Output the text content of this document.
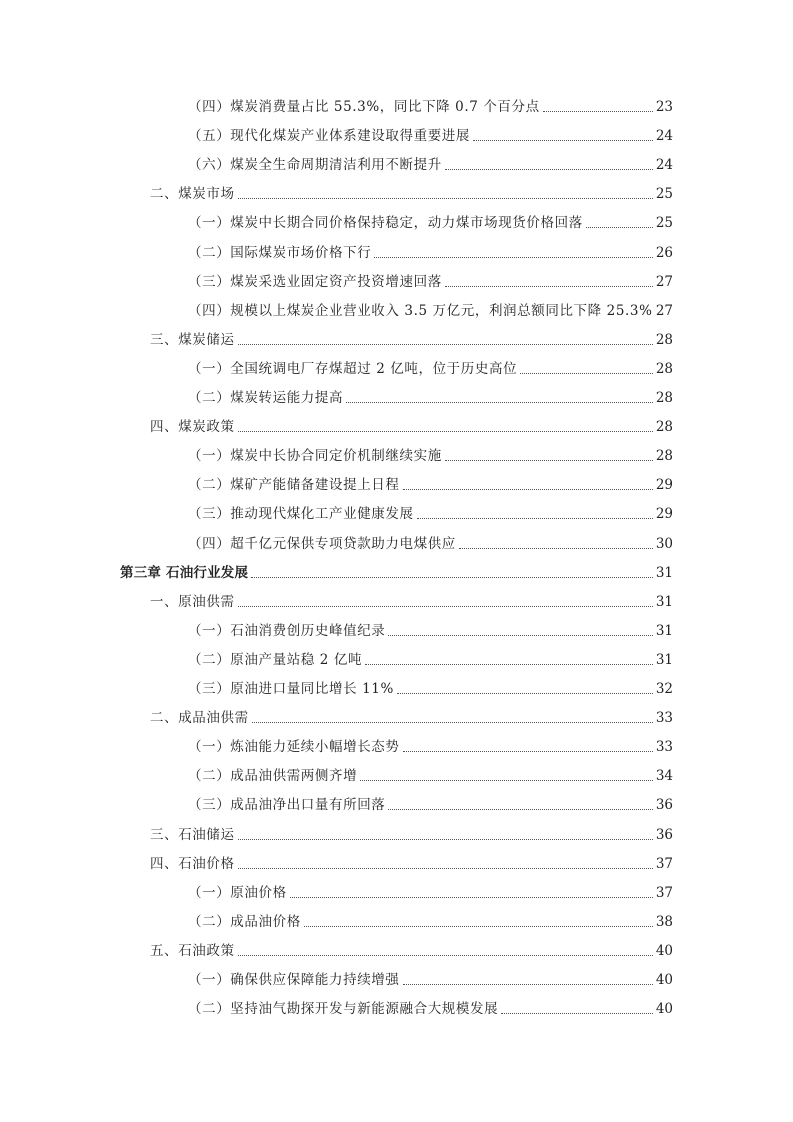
（四）煤炭消费量占比 55.3%，同比下降 0.7 个百分点	23
（五）现代化煤炭产业体系建设取得重要进展	24
（六）煤炭全生命周期清洁利用不断提升	24
二、煤炭市场	25
（一）煤炭中长期合同价格保持稳定，动力煤市场现货价格回落	25
（二）国际煤炭市场价格下行	26
（三）煤炭采选业固定资产投资增速回落	27
（四）规模以上煤炭企业营业收入 3.5 万亿元，利润总额同比下降 25.3% 27
三、煤炭储运	28
（一）全国统调电厂存煤超过 2 亿吨，位于历史高位	28
（二）煤炭转运能力提高	28
四、煤炭政策	28
（一）煤炭中长协合同定价机制继续实施	28
（二）煤矿产能储备建设提上日程	29
（三）推动现代煤化工产业健康发展	29
（四）超千亿元保供专项贷款助力电煤供应	30
第三章 石油行业发展	31
一、原油供需	31
（一）石油消费创历史峰值纪录	31
（二）原油产量站稳 2 亿吨	31
（三）原油进口量同比增长 11%	32
二、成品油供需	33
（一）炼油能力延续小幅增长态势	33
（二）成品油供需两侧齐增	34
（三）成品油净出口量有所回落	36
三、石油储运	36
四、石油价格	37
（一）原油价格	37
（二）成品油价格	38
五、石油政策	40
（一）确保供应保障能力持续增强	40
（二）坚持油气勘探开发与新能源融合大规模发展	40
